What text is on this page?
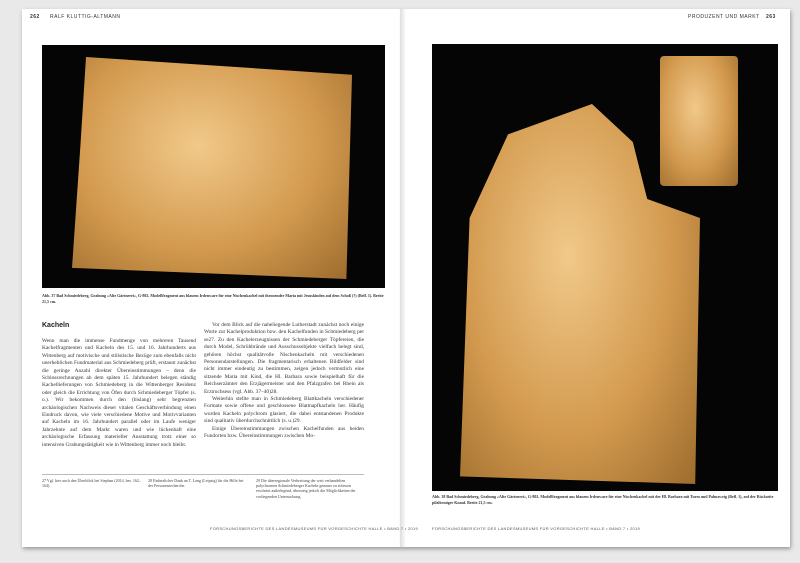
262 RALF KLUTTIG-ALTMANN	PRODUZENT UND MARKT 263
Abb. 37 Bad Schmiedeberg, Grabung »Alte Gärtnerei«, G-802. Modellfragment aus blauem Irdenware für eine Nischenkachel mit thronender Maria mit Jesuskinden auf dem Schoß (?) (Befl. 1). Breite 21,5 cm.
Kacheln
Wenn man die immense Fundmenge von mehreren Tausend Kachelfragmenten und Kacheln des 15. und 16. Jahrhunderts aus Wittenberg auf motivische und stilistische Bezüge zum ebenfalls nicht unerheblichen Fundmaterial aus Schmiedeberg prüft, erstaunt zunächst die geringe Anzahl direkter Übereinstimmungen – denn die Schlossrechnungen ab dem späten 15. Jahrhundert belegen ständig Kachellieferungen von Schmiedeberg in die Wittenberger Residenz oder gleich die Errichtung von Öfen durch Schmiedeberger Töpfer (s. o.). Wir bekommen durch den (bislang) sehr begrenzten archäologischen Nachweis dieser vitalen Geschäftsverbindung einen Eindruck davon, wie viele verschiedene Motive und Motivvarianten auf Kacheln im 16. Jahrhundert parallel oder im Laufe weniger Jahrzehnte auf dem Markt waren und wie lückenhaft eine archäologische Erfassung materieller Ausstattung trotz einer so intensiven Grabungstätigkeit wie in Wittenberg immer noch bleibt.
Vor dem Blick auf die naheliegende Lutherstadt zunächst noch einige Worte zur Kachelproduktion bzw. den Kachelfunden in Schmiedeberg per se27. Zu den Kachelerzeugnissen der Schmiedeberger Töpfereien, die durch Model, Schrühbrände und Ausschussobjekte vielfach belegt sind, gehören höchst qualitätvolle Nischenkacheln mit verschiedenen Personendarstellungen. Die fragmentarisch erhaltenen Bildfelder sind nicht immer eindeutig zu bestimmen, zeigen jedoch vermutlich eine sitzende Maria mit Kind, die Hl. Barbara sowie beispielhaft für die Reichserzämter den Erzjägermeister und den Pfalzgrafen bei Rhein als Erztruchsess (vgl. Abb. 37–40)28.
Weiterhin stellte man in Schmiedeberg Blattkacheln verschiedener Formate sowie offene und geschlossene Blattnapfkacheln her. Häufig wurden Kacheln polychrom glasiert, die dabei entstandenen Produkte sind qualitativ überdurchschnittlich (s. u.)29.
Einige Übereinstimmungen zwischen Kachelfunden aus beiden Fundorten bzw. Übereinstimmungen zwischen Mo-
27 Vgl. hier auch den Überblick bei Stephan (2014, bes. 162–164).
28 Einhezlicher Dank an T. Lang (Leipzig) für die Hilfe bei der Personenrecherche.
29 Die überregionale Verbreitung der weit verhandelten polychromen Schmiedeberger Kacheln genauer zu erfassen erscheint außerlegend, übersteig jedoch die Möglichkeiten der vorliegenden Untersuchung.
FORSCHUNGSBERICHTE DES LANDESMUSEUMS FÜR VORGESCHICHTE HALLE • BAND 7 • 2019
Abb. 38 Bad Schmiedeberg, Grabung »Alte Gärtnerei«, G-802. Modellfragment aus blauem Irdenware für eine Nischenkachel mit der Hl. Barbara mit Turm und Palmzweig (Befl. 1), auf der Rückseite pilzförmiger Knauf. Breite 21,5 cm.
FORSCHUNGSBERICHTE DES LANDESMUSEUMS FÜR VORGESCHICHTE HALLE • BAND 7 • 2019
